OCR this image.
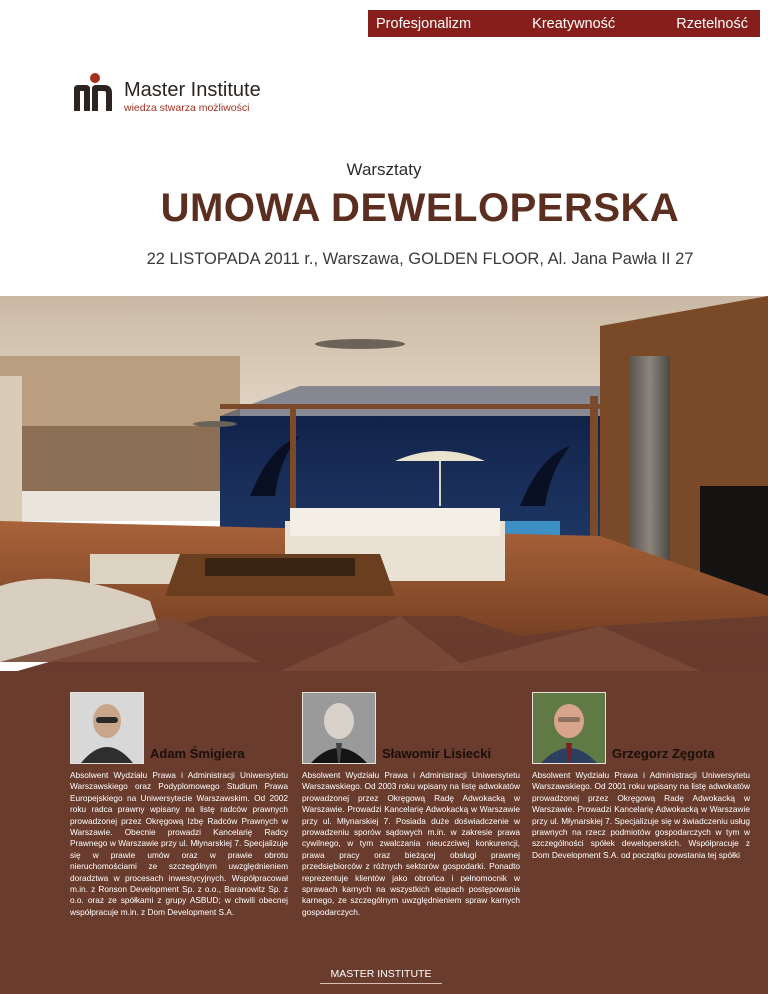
Profesjonalizm	Kreatywność	Rzetelność
Master Institute
wiedza stwarza możliwości
Warsztaty
UMOWA DEWELOPERSKA
22 LISTOPADA 2011 r., Warszawa, GOLDEN FLOOR, Al. Jana Pawła II 27
Adam Śmigiera

Absolwent Wydziału Prawa i Administracji Uniwersytetu Warszawskiego oraz Podyplomowego Studium Prawa Europejskiego na Uniwersytecie Warszawskim. Od 2002 roku radca prawny wpisany na listę radców prawnych prowadzonej przez Okręgową Izbę Radców Prawnych w Warszawie. Obecnie prowadzi Kancelarię Radcy Prawnego w Warszawie przy ul. Młynarskiej 7. Specjalizuje się w prawie umów oraz w prawie obrotu nieruchomościami ze szczególnym uwzględnieniem doradztwa w procesach inwestycyjnych. Współpracował m.in. z Ronson Development Sp. z o.o., Baranowitz Sp. z o.o. oraz ze spółkami z grupy ASBUD; w chwili obecnej współpracuje m.in. z Dom Development S.A.

Sławomir Lisiecki

Absolwent Wydziału Prawa i Administracji Uniwersytetu Warszawskiego. Od 2003 roku wpisany na listę adwokatów prowadzonej przez Okręgową Radę Adwokacką w Warszawie. Prowadzi Kancelarię Adwokacką w Warszawie przy ul. Młynarskiej 7. Posiada duże doświadczenie w prowadzeniu sporów sądowych m.in. w zakresie prawa cywilnego, w tym zwalczania nieuczciwej konkurencji, prawa pracy oraz bieżącej obsługi prawnej przedsiębiorców z różnych sektorów gospodarki. Ponadto reprezentuje klientów jako obrońca i pełnomocnik w sprawach karnych na wszystkich etapach postępowania karnego, ze szczególnym uwzględnieniem spraw karnych gospodarczych.

Grzegorz Zęgota

Absolwent Wydziału Prawa i Administracji Uniwersytetu Warszawskiego. Od 2001 roku wpisany na listę adwokatów prowadzonej przez Okręgową Radę Adwokacką w Warszawie. Prowadzi Kancelarię Adwokacką w Warszawie przy ul. Młynarskiej 7. Specjalizuje się w świadczeniu usług prawnych na rzecz podmiotów gospodarczych w tym w szczególności spółek deweloperskich. Współpracuje z Dom Development S.A. od początku powstania tej spółki

MASTER INSTITUTE
